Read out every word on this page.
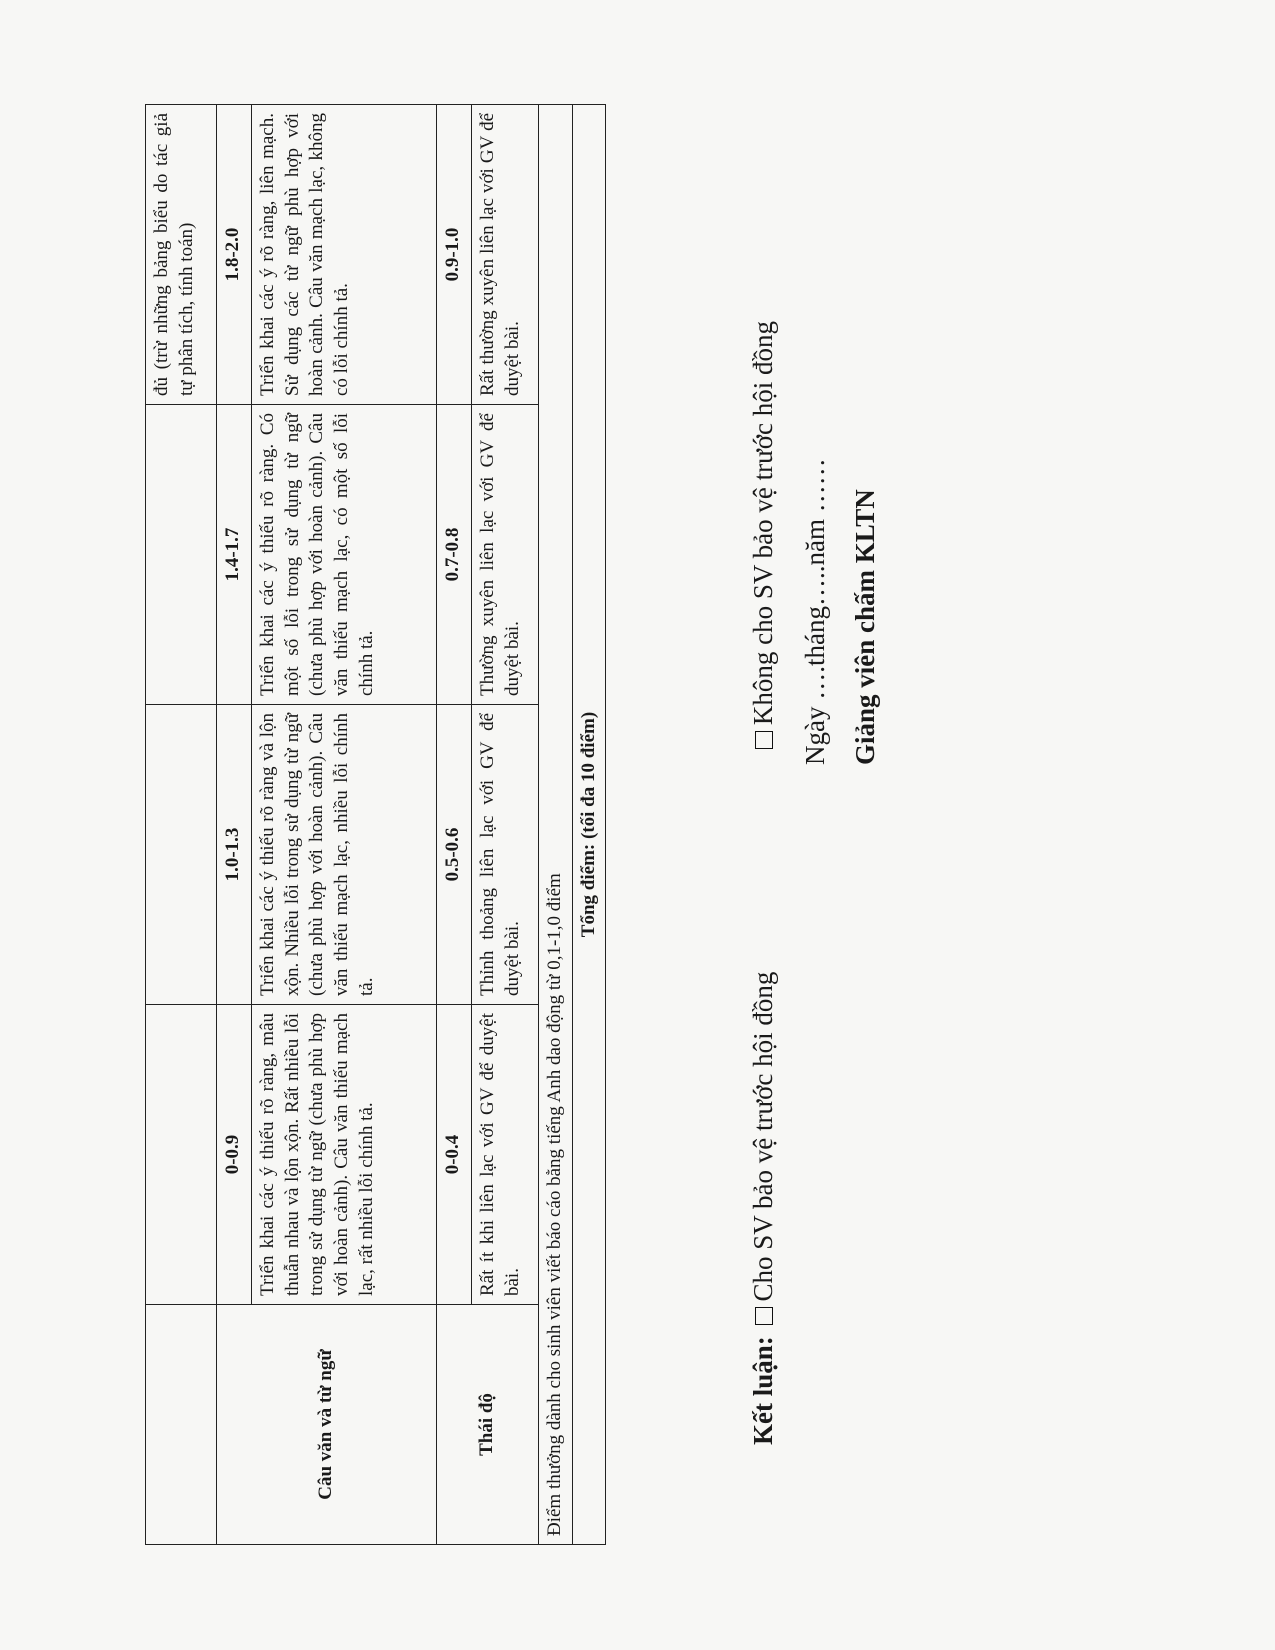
				đủ (trừ những bảng biểu do tác giả tự phân tích, tính toán)
Câu văn và từ ngữ	0-0.9	1.0-1.3	1.4-1.7	1.8-2.0
	Triển khai các ý thiếu rõ ràng, mâu thuẫn nhau và lộn xộn. Rất nhiều lỗi trong sử dụng từ ngữ (chưa phù hợp với hoàn cảnh). Câu văn thiếu mạch lạc, rất nhiều lỗi chính tả.	Triển khai các ý thiếu rõ ràng và lộn xộn. Nhiều lỗi trong sử dụng từ ngữ (chưa phù hợp với hoàn cảnh). Câu văn thiếu mạch lạc, nhiều lỗi chính tả.	Triển khai các ý thiếu rõ ràng. Có một số lỗi trong sử dụng từ ngữ (chưa phù hợp với hoàn cảnh). Câu văn thiếu mạch lạc, có một số lỗi chính tả.	Triển khai các ý rõ ràng, liên mạch. Sử dụng các từ ngữ phù hợp với hoàn cảnh. Câu văn mạch lạc, không có lỗi chính tả.
Thái độ	0-0.4	0.5-0.6	0.7-0.8	0.9-1.0
	Rất ít khi liên lạc với GV để duyệt bài.	Thỉnh thoảng liên lạc với GV để duyệt bài.	Thường xuyên liên lạc với GV để duyệt bài.	Rất thường xuyên liên lạc với GV để duyệt bài.
Điểm thưởng dành cho sinh viên viết báo cáo bằng tiếng Anh dao động từ 0,1-1,0 điểm				
Tổng điểm: (tối đa 10 điểm)				
Kết luận: Cho SV bảo vệ trước hội đồng  Không cho SV bảo vệ trước hội đồng Ngày ….tháng…..năm …… Giảng viên chấm KLTN
